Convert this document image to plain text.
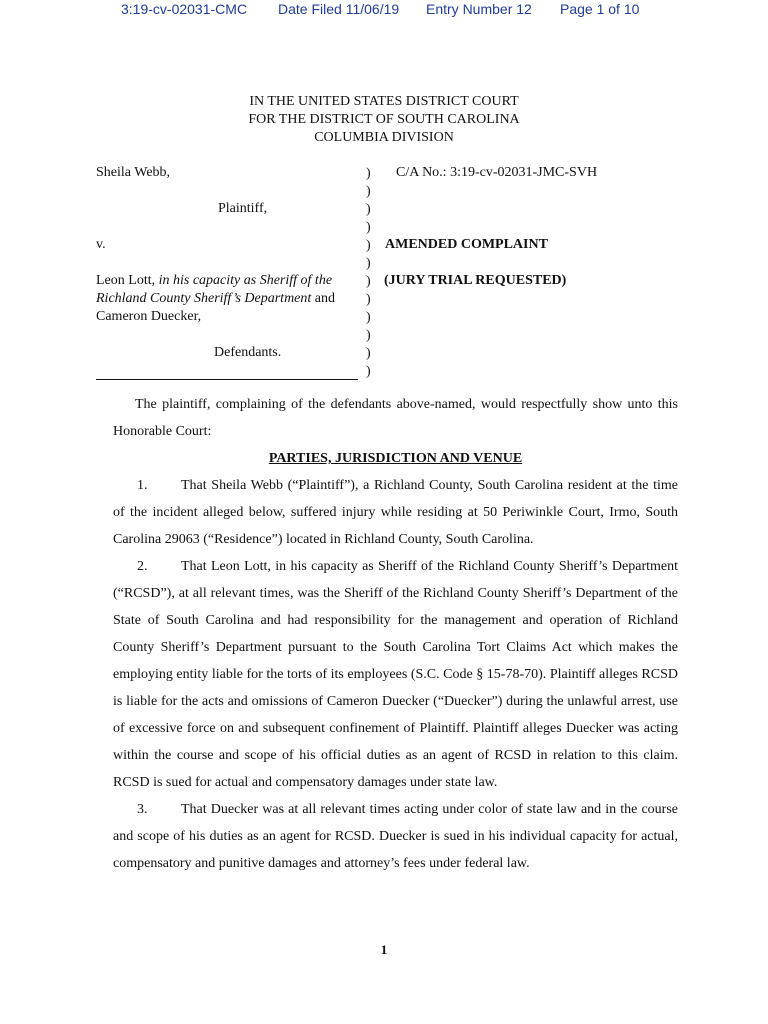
3:19-cv-02031-CMC Date Filed 11/06/19 Entry Number 12 Page 1 of 10
IN THE UNITED STATES DISTRICT COURT
FOR THE DISTRICT OF SOUTH CAROLINA
COLUMBIA DIVISION
Sheila Webb,
Plaintiff,
v.
Leon Lott, in his capacity as Sheriff of the
Richland County Sheriff’s Department and
Cameron Duecker,
Defendants.
)
)
)
)
)
)
)
)
)
)
)
)
C/A No.: 3:19-cv-02031-JMC-SVH
AMENDED COMPLAINT
(JURY TRIAL REQUESTED)

The plaintiff, complaining of the defendants above-named, would respectfully show unto this Honorable Court:

PARTIES, JURISDICTION AND VENUE

1. That Sheila Webb (“Plaintiff”), a Richland County, South Carolina resident at the time of the incident alleged below, suffered injury while residing at 50 Periwinkle Court, Irmo, South Carolina 29063 (“Residence”) located in Richland County, South Carolina.

2. That Leon Lott, in his capacity as Sheriff of the Richland County Sheriff’s Department (“RCSD”), at all relevant times, was the Sheriff of the Richland County Sheriff’s Department of the State of South Carolina and had responsibility for the management and operation of Richland County Sheriff’s Department pursuant to the South Carolina Tort Claims Act which makes the employing entity liable for the torts of its employees (S.C. Code § 15-78-70). Plaintiff alleges RCSD is liable for the acts and omissions of Cameron Duecker (“Duecker”) during the unlawful arrest, use of excessive force on and subsequent confinement of Plaintiff. Plaintiff alleges Duecker was acting within the course and scope of his official duties as an agent of RCSD in relation to this claim. RCSD is sued for actual and compensatory damages under state law.

3. That Duecker was at all relevant times acting under color of state law and in the course and scope of his duties as an agent for RCSD. Duecker is sued in his individual capacity for actual, compensatory and punitive damages and attorney’s fees under federal law.

1
